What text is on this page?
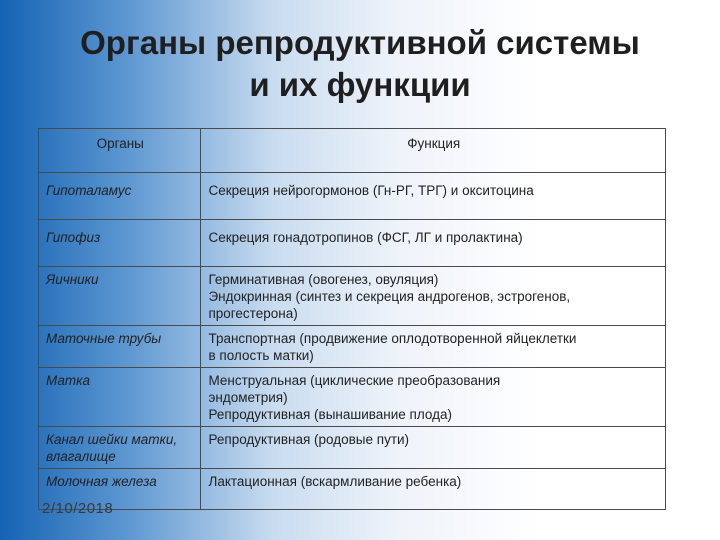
Органы репродуктивной системы
и их функции
Органы	Функция
Гипоталамус	Секреция нейрогормонов (Гн-РГ, ТРГ) и окситоцина

Гипофиз	Секреция гонадотропинов (ФСГ, ЛГ и пролактина)

Яичники	Герминативная (овогенез, овуляция)
Эндокринная (синтез и секреция андрогенов, эстрогенов,
прогестерона)

Маточные трубы	Транспортная (продвижение оплодотворенной яйцеклетки
в полость матки)

Матка	Менструальная (циклические преобразования
эндометрия)
Репродуктивная (вынашивание плода)

Канал шейки матки, влагалище	Репродуктивная (родовые пути)

Молочная железа	Лактационная (вскармливание ребенка)
2/10/2018
